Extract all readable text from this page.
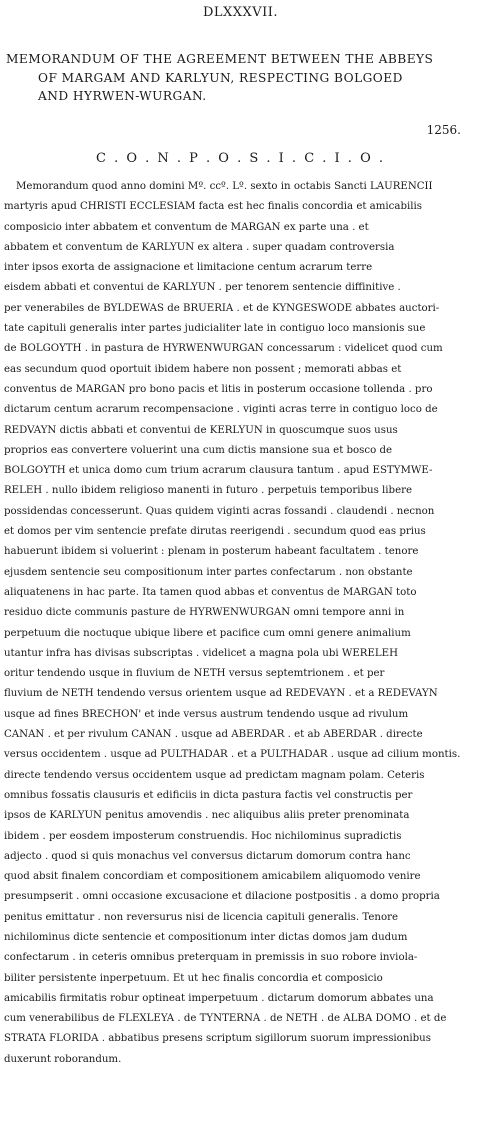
DLXXXVII.
MEMORANDUM OF THE AGREEMENT BETWEEN THE ABBEYS
OF MARGAM AND KARLYUN, RESPECTING BOLGOED
AND HYRWEN-WURGAN.
1256.
C . O . N . P . O . S . I . C . I . O .
Memorandum quod anno domini Mº. ccº. Lº. sexto in octabis Sancti LAURENCII
martyris apud CHRISTI ECCLESIAM facta est hec finalis concordia et amicabilis
composicio inter abbatem et conventum de MARGAN ex parte una . et
abbatem et conventum de KARLYUN ex altera . super quadam controversia
inter ipsos exorta de assignacione et limitacione centum acrarum terre
eisdem abbati et conventui de KARLYUN . per tenorem sentencie diffinitive .
per venerabiles de BYLDEWAS de BRUERIA . et de KYNGESWODE abbates auctori-
tate capituli generalis inter partes judicialiter late in contiguo loco mansionis sue
de BOLGOYTH . in pastura de HYRWENWURGAN concessarum : videlicet quod cum
eas secundum quod oportuit ibidem habere non possent ; memorati abbas et
conventus de MARGAN pro bono pacis et litis in posterum occasione tollenda . pro
dictarum centum acrarum recompensacione . viginti acras terre in contiguo loco de
REDVAYN dictis abbati et conventui de KERLYUN in quoscumque suos usus
proprios eas convertere voluerint una cum dictis mansione sua et bosco de
BOLGOYTH et unica domo cum trium acrarum clausura tantum . apud ESTYMWE-
RELEH . nullo ibidem religioso manenti in futuro . perpetuis temporibus libere
possidendas concesserunt. Quas quidem viginti acras fossandi . claudendi . necnon
et domos per vim sentencie prefate dirutas reerigendi . secundum quod eas prius
habuerunt ibidem si voluerint : plenam in posterum habeant facultatem . tenore
ejusdem sentencie seu compositionum inter partes confectarum . non obstante
aliquatenens in hac parte. Ita tamen quod abbas et conventus de MARGAN toto
residuo dicte communis pasture de HYRWENWURGAN omni tempore anni in
perpetuum die noctuque ubique libere et pacifice cum omni genere animalium
utantur infra has divisas subscriptas . videlicet a magna pola ubi WERELEH
oritur tendendo usque in fluvium de NETH versus septemtrionem . et per
fluvium de NETH tendendo versus orientem usque ad REDEVAYN . et a REDEVAYN
usque ad fines BRECHON' et inde versus austrum tendendo usque ad rivulum
CANAN . et per rivulum CANAN . usque ad ABERDAR . et ab ABERDAR . directe
versus occidentem . usque ad PULTHADAR . et a PULTHADAR . usque ad cilium montis.
directe tendendo versus occidentem usque ad predictam magnam polam. Ceteris
omnibus fossatis clausuris et edificiis in dicta pastura factis vel constructis per
ipsos de KARLYUN penitus amovendis . nec aliquibus aliis preter prenominata
ibidem . per eosdem imposterum construendis. Hoc nichilominus supradictis
adjecto . quod si quis monachus vel conversus dictarum domorum contra hanc
quod absit finalem concordiam et compositionem amicabilem aliquomodo venire
presumpserit . omni occasione excusacione et dilacione postpositis . a domo propria
penitus emittatur . non reversurus nisi de licencia capituli generalis. Tenore
nichilominus dicte sentencie et compositionum inter dictas domos jam dudum
confectarum . in ceteris omnibus preterquam in premissis in suo robore inviola-
biliter persistente inperpetuum. Et ut hec finalis concordia et composicio
amicabilis firmitatis robur optineat imperpetuum . dictarum domorum abbates una
cum venerabilibus de FLEXLEYA . de TYNTERNA . de NETH . de ALBA DOMO . et de
STRATA FLORIDA . abbatibus presens scriptum sigillorum suorum impressionibus
duxerunt roborandum.
